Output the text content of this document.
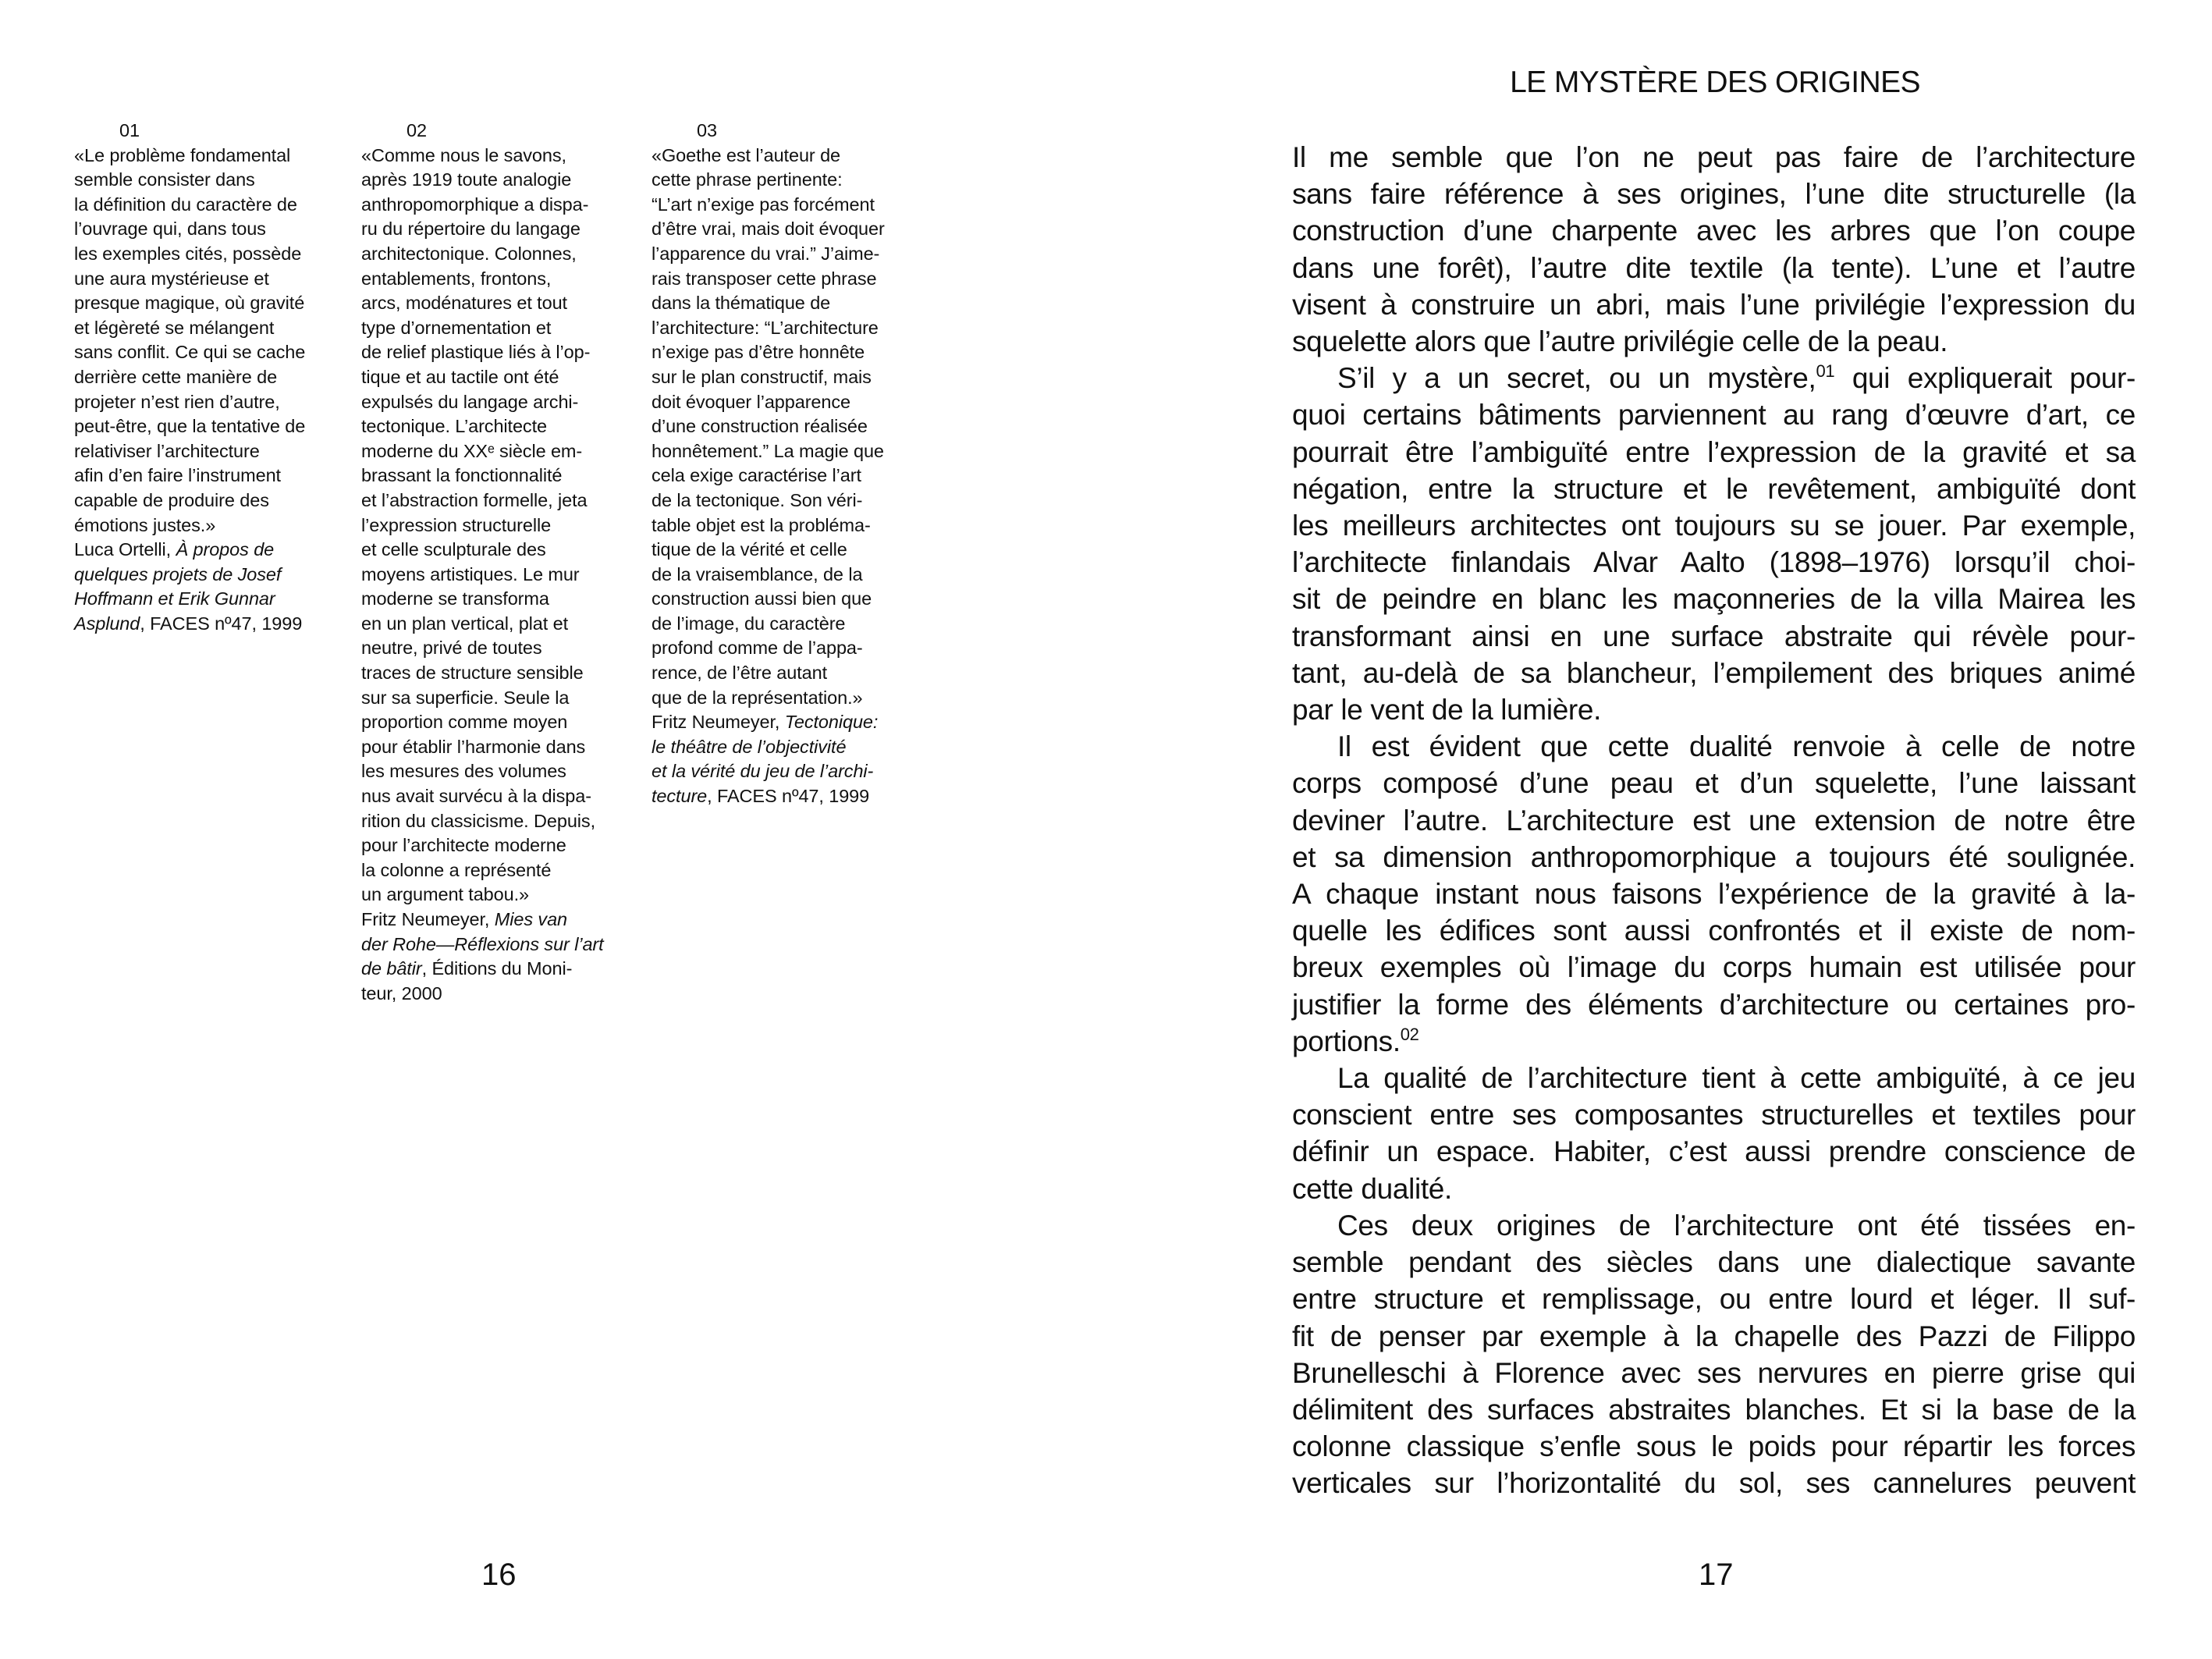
01
«Le problème fondamental
semble consister dans
la définition du caractère de
l’ouvrage qui, dans tous
les exemples cités, possède
une aura mystérieuse et
presque magique, où gravité
et légèreté se mélangent
sans conflit. Ce qui se cache
derrière cette manière de
projeter n’est rien d’autre,
peut-être, que la tentative de
relativiser l’architecture
afin d’en faire l’instrument
capable de produire des
émotions justes.»
Luca Ortelli, À propos de
quelques projets de Josef
Hoffmann et Erik Gunnar
Asplund, FACES nº47, 1999
02
«Comme nous le savons,
après 1919 toute analogie
anthropomorphique a dispa-
ru du répertoire du langage
architectonique. Colonnes,
entablements, frontons,
arcs, modénatures et tout
type d’ornementation et
de relief plastique liés à l’op-
tique et au tactile ont été
expulsés du langage archi-
tectonique. L’architecte
moderne du XXᵉ siècle em-
brassant la fonctionnalité
et l’abstraction formelle, jeta
l’expression structurelle
et celle sculpturale des
moyens artistiques. Le mur
moderne se transforma
en un plan vertical, plat et
neutre, privé de toutes
traces de structure sensible
sur sa superficie. Seule la
proportion comme moyen
pour établir l’harmonie dans
les mesures des volumes
nus avait survécu à la dispa-
rition du classicisme. Depuis,
pour l’architecte moderne
la colonne a représenté
un argument tabou.»
Fritz Neumeyer, Mies van
der Rohe—Réflexions sur l’art
de bâtir, Éditions du Moni-
teur, 2000
03
«Goethe est l’auteur de
cette phrase pertinente:
“L’art n’exige pas forcément
d’être vrai, mais doit évoquer
l’apparence du vrai.” J’aime-
rais transposer cette phrase
dans la thématique de
l’architecture: “L’architecture
n’exige pas d’être honnête
sur le plan constructif, mais
doit évoquer l’apparence
d’une construction réalisée
honnêtement.” La magie que
cela exige caractérise l’art
de la tectonique. Son véri-
table objet est la probléma-
tique de la vérité et celle
de la vraisemblance, de la
construction aussi bien que
de l’image, du caractère
profond comme de l’appa-
rence, de l’être autant
que de la représentation.»
Fritz Neumeyer, Tectonique:
le théâtre de l’objectivité
et la vérité du jeu de l’archi-
tecture, FACES nº47, 1999
16
LE MYSTÈRE DES ORIGINES
Il me semble que l’on ne peut pas faire de l’architecture
sans faire référence à ses origines, l’une dite structurelle (la
construction d’une charpente avec les arbres que l’on coupe
dans une forêt), l’autre dite textile (la tente). L’une et l’autre
visent à construire un abri, mais l’une privilégie l’expression du
squelette alors que l’autre privilégie celle de la peau.
S’il y a un secret, ou un mystère,$^{01}$ qui expliquerait pour-
quoi certains bâtiments parviennent au rang d’œuvre d’art, ce
pourrait être l’ambiguïté entre l’expression de la gravité et sa
négation, entre la structure et le revêtement, ambiguïté dont
les meilleurs architectes ont toujours su se jouer. Par exemple,
l’architecte finlandais Alvar Aalto (1898–1976) lorsqu’il choi-
sit de peindre en blanc les maçonneries de la villa Mairea les
transformant ainsi en une surface abstraite qui révèle pour-
tant, au-delà de sa blancheur, l’empilement des briques animé
par le vent de la lumière.
Il est évident que cette dualité renvoie à celle de notre
corps composé d’une peau et d’un squelette, l’une laissant
deviner l’autre. L’architecture est une extension de notre être
et sa dimension anthropomorphique a toujours été soulignée.
A chaque instant nous faisons l’expérience de la gravité à la-
quelle les édifices sont aussi confrontés et il existe de nom-
breux exemples où l’image du corps humain est utilisée pour
justifier la forme des éléments d’architecture ou certaines pro-
portions.$^{02}$
La qualité de l’architecture tient à cette ambiguïté, à ce jeu
conscient entre ses composantes structurelles et textiles pour
définir un espace. Habiter, c’est aussi prendre conscience de
cette dualité.
Ces deux origines de l’architecture ont été tissées en-
semble pendant des siècles dans une dialectique savante
entre structure et remplissage, ou entre lourd et léger. Il suf-
fit de penser par exemple à la chapelle des Pazzi de Filippo
Brunelleschi à Florence avec ses nervures en pierre grise qui
délimitent des surfaces abstraites blanches. Et si la base de la
colonne classique s’enfle sous le poids pour répartir les forces
verticales sur l’horizontalité du sol, ses cannelures peuvent
17
